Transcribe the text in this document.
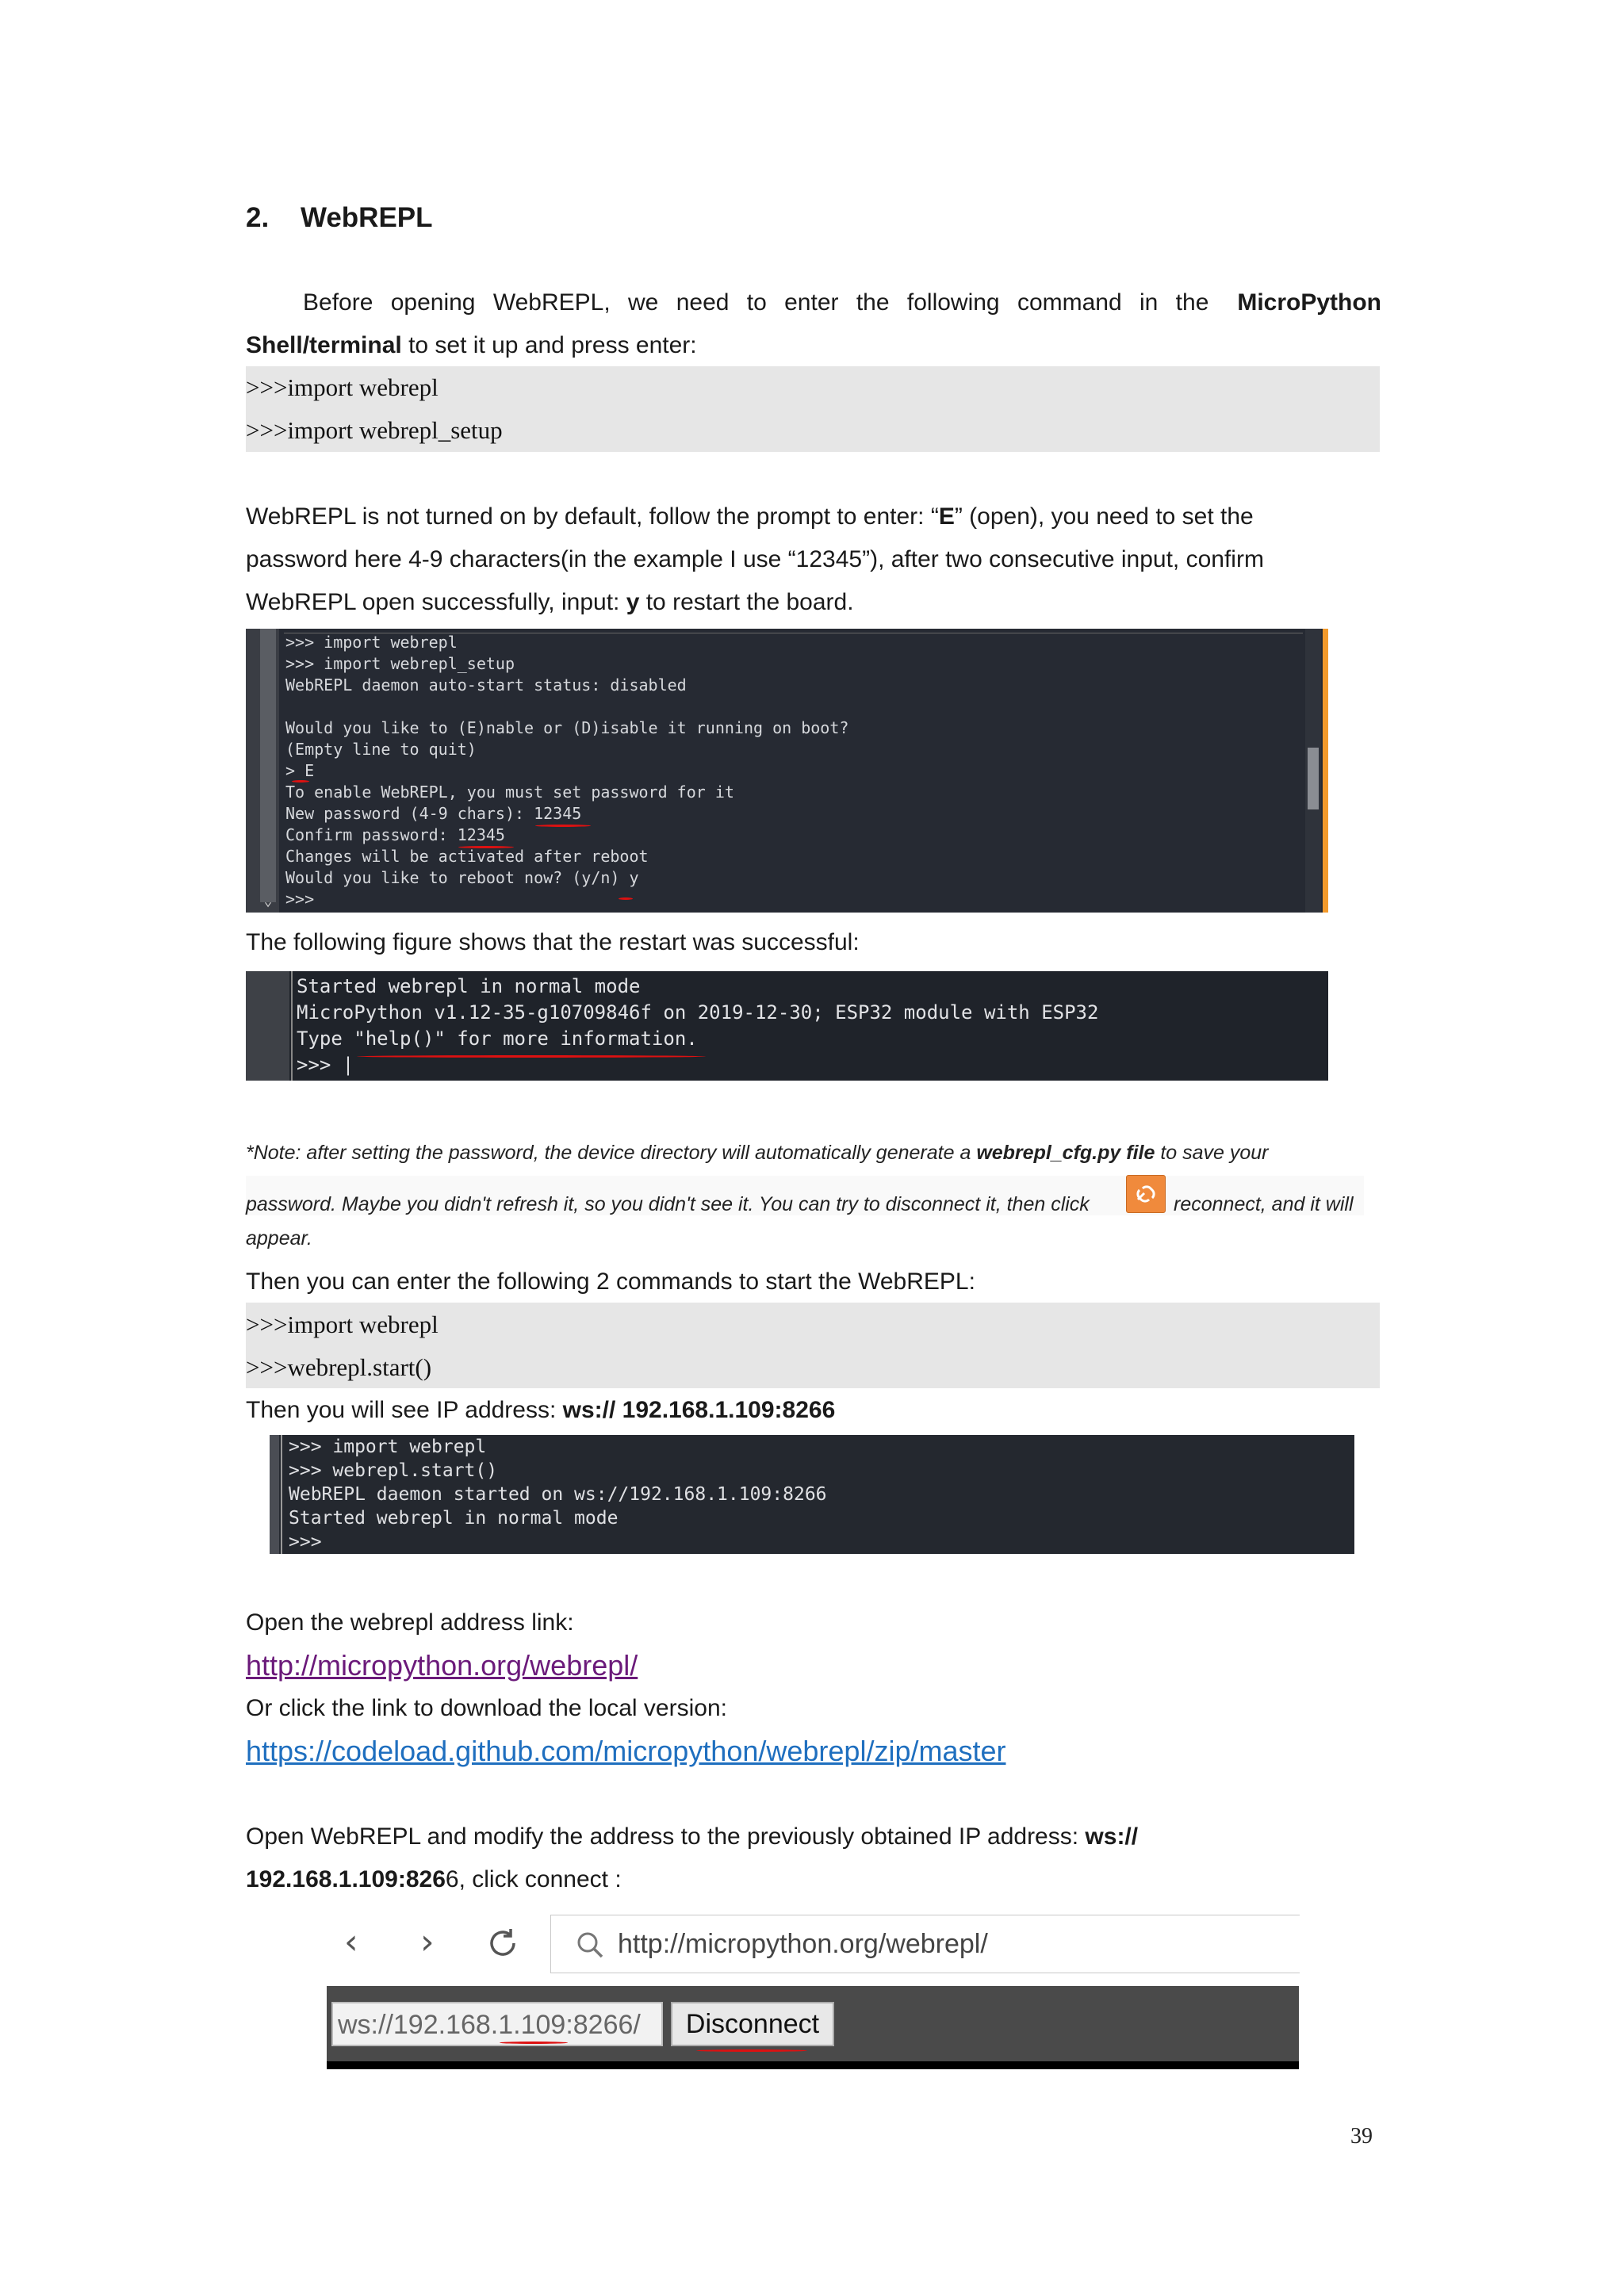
2. WebREPL
Before opening WebREPL, we need to enter the following command in the MicroPython
Shell/terminal to set it up and press enter:
>>>import webrepl
>>>import webrepl_setup
WebREPL is not turned on by default, follow the prompt to enter: “E” (open), you need to set the
password here 4-9 characters(in the example I use “12345”), after two consecutive input, confirm
WebREPL open successfully, input: y to restart the board.
⌄
>>> import webrepl
>>> import webrepl_setup
WebREPL daemon auto-start status: disabled
Would you like to (E)nable or (D)isable it running on boot?
(Empty line to quit)
> E
To enable WebREPL, you must set password for it
New password (4-9 chars): 12345
Confirm password: 12345
Changes will be activated after reboot
Would you like to reboot now? (y/n) y
>>>
The following figure shows that the restart was successful:
Started webrepl in normal mode
MicroPython v1.12-35-g10709846f on 2019-12-30; ESP32 module with ESP32
Type "help()" for more information.
>>> |
*Note: after setting the password, the device directory will automatically generate a webrepl_cfg.py file to save your
password. Maybe you didn't refresh it, so you didn't see it. You can try to disconnect it, then click	reconnect, and it will
appear.
Then you can enter the following 2 commands to start the WebREPL:
>>>import webrepl
>>>webrepl.start()
Then you will see IP address: ws:// 192.168.1.109:8266
>>> import webrepl
>>> webrepl.start()
WebREPL daemon started on ws://192.168.1.109:8266
Started webrepl in normal mode
>>>
Open the webrepl address link:
http://micropython.org/webrepl/
Or click the link to download the local version:
https://codeload.github.com/micropython/webrepl/zip/master
Open WebREPL and modify the address to the previously obtained IP address: ws://
192.168.1.109:8266, click connect :
‹	›	http://micropython.org/webrepl/
ws://192.168.1.109:8266/	Disconnect
39
